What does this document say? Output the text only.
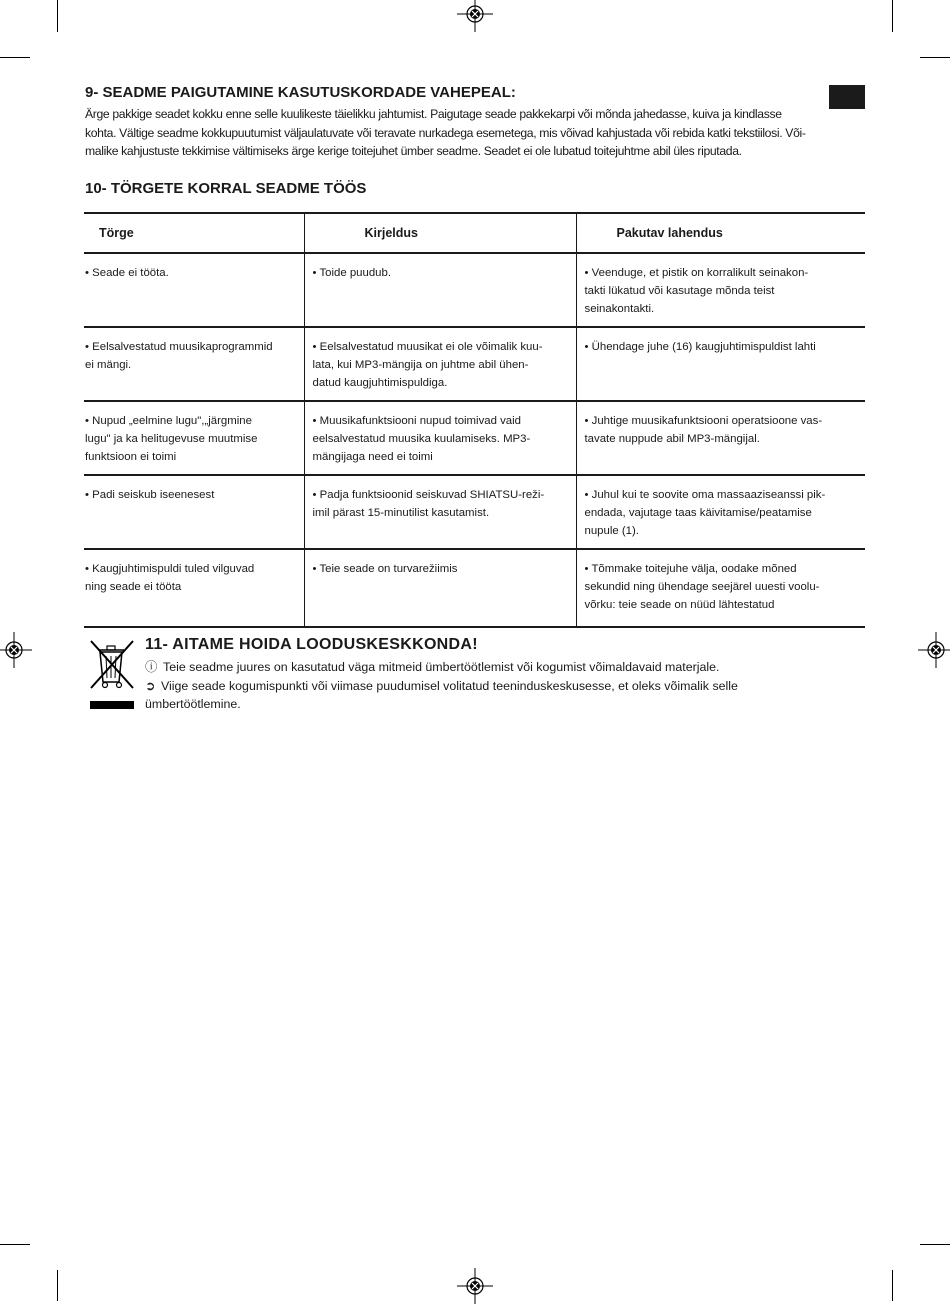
9- SEADME PAIGUTAMINE KASUTUSKORDADE VAHEPEAL:

Ärge pakkige seadet kokku enne selle kuulikeste täielikku jahtumist. Paigutage seade pakkekarpi või mõnda jahedasse, kuiva ja kindlasse

kohta. Vältige seadme kokkupuutumist väljaulatuvate või teravate nurkadega esemetega, mis võivad kahjustada või rebida katki tekstiilosi. Või-

malike kahjustuste tekkimise vältimiseks ärge kerige toitejuhet ümber seadme. Seadet ei ole lubatud toitejuhtme abil üles riputada.

10- TÖRGETE KORRAL SEADME TÖÖS
Törge	Kirjeldus	Pakutav lahendus
• Seade ei tööta.	• Toide puudub.	• Veenduge, et pistik on korralikult seinakon-
takti lükatud või kasutage mõnda teist
seinakontakti.
• Eelsalvestatud muusikaprogrammid
ei mängi.	• Eelsalvestatud muusikat ei ole võimalik kuu-
lata, kui MP3-mängija on juhtme abil ühen-
datud kaugjuhtimispuldiga.	• Ühendage juhe (16) kaugjuhtimispuldist lahti
• Nupud „eelmine lugu",„järgmine
lugu" ja ka helitugevuse muutmise
funktsioon ei toimi	• Muusikafunktsiooni nupud toimivad vaid
eelsalvestatud muusika kuulamiseks. MP3-
mängijaga need ei toimi	• Juhtige muusikafunktsiooni operatsioone vas-
tavate nuppude abil MP3-mängijal.
• Padi seiskub iseenesest	• Padja funktsioonid seiskuvad SHIATSU-reži-
imil pärast 15-minutilist kasutamist.	• Juhul kui te soovite oma massaaziseanssi pik-
endada, vajutage taas käivitamise/peatamise
nupule (1).
• Kaugjuhtimispuldi tuled vilguvad
ning seade ei tööta	• Teie seade on turvarežiimis	• Tõmmake toitejuhe välja, oodake mõned
sekundid ning ühendage seejärel uuesti voolu-
võrku: teie seade on nüüd lähtestatud
11- AITAME HOIDA LOODUSKESKKONDA!
ⓘ Teie seadme juures on kasutatud väga mitmeid ümbertöötlemist või kogumist võimaldavaid materjale.
➲ Viige seade kogumispunkti või viimase puudumisel volitatud teeninduskeskusesse, et oleks võimalik selle
ümbertöötlemine.
